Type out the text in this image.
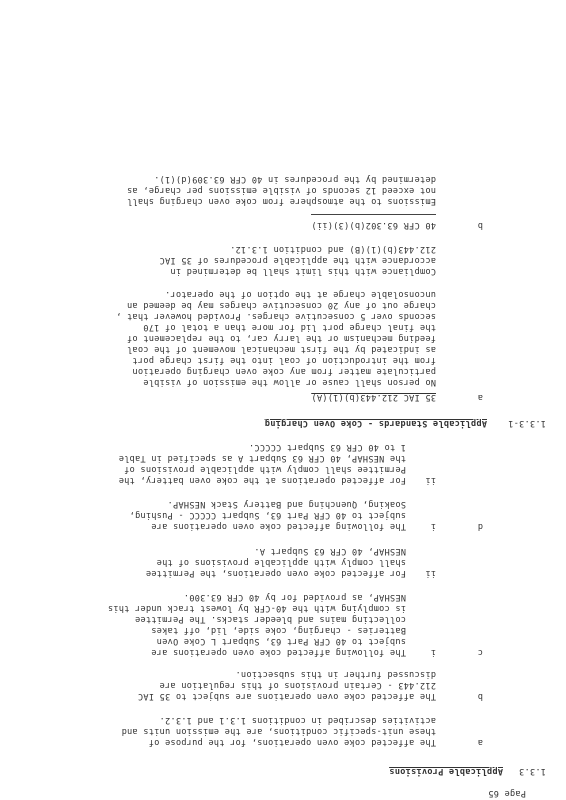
Page 65
1.3.3
Applicable Provisions
a
The affected coke oven operations, for the purpose of
these unit-specific conditions, are the emission units and
activities described in conditions 1.3.1 and 1.3.2.
b
The affected coke oven operations are subject to 35 IAC
212.443 - Certain provisions of this regulation are
discussed further in this subsection.
c
i
The following affected coke oven operations are
subject to 40 CFR Part 63, Subpart L Coke Oven
Batteries - charging, coke side, lid, off takes
collecting mains and bleeder stacks. The Permittee
is complying with the 40-CFR by lowest track under this
NESHAP, as provided for by 40 CFR 63.300.
ii
For affected coke oven operations, the Permittee
shall comply with applicable provisions of the
NESHAP, 40 CFR 63 Subpart A.
d
i
The following affected coke oven operations are
subject to 40 CFR Part 63, Subpart CCCCC - Pushing,
Soaking, Quenching and Battery Stack NESHAP.
ii
For affected operations at the coke oven battery, the
Permittee shall comply with applicable provisions of
the NESHAP, 40 CFR 63 Subpart A as specified in Table
1 to 40 CFR 63 Subpart CCCCC.
1.3.3-1
Applicable Standards - Coke Oven Charging
a
35 IAC 212.443(b)(1)(A)
No person shall cause or allow the emission of visible
particulate matter from any coke oven charging operation
from the introduction of coal into the first charge port
as indicated by the first mechanical movement of the coal
feeding mechanism or the larry car, to the replacement of
the final charge port lid for more than a total of 170
seconds over 5 consecutive charges. Provided however that ,
charge out of any 20 consecutive charges may be deemed an
unconsolable charge at the option of the operator.
Compliance with this limit shall be determined in
accordance with the applicable procedures of 35 IAC
212.443(b)(1)(B) and condition 1.3.12.
b
40 CFR 63.302(b)(3)(ii)
Emissions to the atmosphere from coke oven charging shall
not exceed 12 seconds of visible emissions per charge, as
determined by the procedures in 40 CFR 63.309(d)(1).
